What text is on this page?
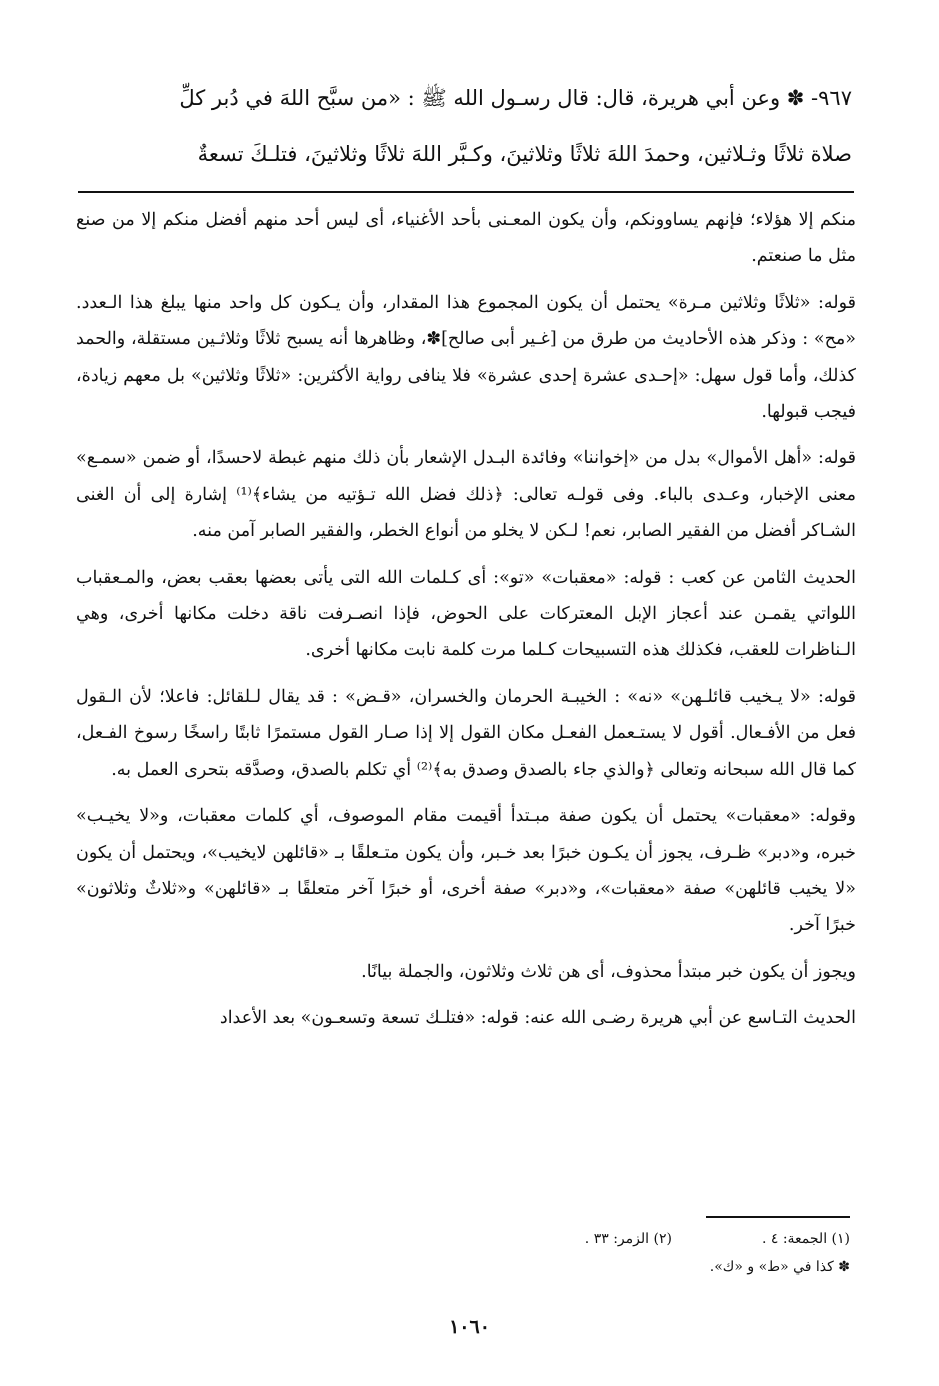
٩٦٧- ✽ وعن أبي هريرة، قال: قال رسـول الله ﷺ : «من سبَّح اللهَ في دُبر كلِّ

صلاة ثلاثًا وثـلاثين، وحمدَ اللهَ ثلاثًا وثلاثينَ، وكـبَّر اللهَ ثلاثًا وثلاثينَ، فتلـكَ تسعةٌ

منكم إلا هؤلاء؛ فإنهم يساوونكم، وأن يكون المعـنى بأحد الأغنياء، أى ليس أحد منهم أفضل منكم إلا من صنع مثل ما صنعتم.

قوله: «ثلاثًا وثلاثين مـرة» يحتمل أن يكون المجموع هذا المقدار، وأن يـكون كل واحد منها يبلغ هذا الـعدد. «مح» : وذكر هذه الأحاديث من طرق من [غـير أبى صالح]✽، وظاهرها أنه يسبح ثلاثًا وثلاثـين مستقلة، والحمد كذلك، وأما قول سهل: «إحـدى عشرة إحدى عشرة» فلا ينافى رواية الأكثرين: «ثلاثًا وثلاثين» بل معهم زيادة، فيجب قبولها.

قوله: «أهل الأموال» بدل من «إخواننا» وفائدة البـدل الإشعار بأن ذلك منهم غبطة لاحسدًا، أو ضمن «سمـع» معنى الإخبار، وعـدى بالباء. وفى قولـه تعالى: ﴿ذلك فضل الله تـؤتيه من يشاء﴾⁽¹⁾ إشارة إلى أن الغنى الشـاكر أفضل من الفقير الصابر، نعم! لـكن لا يخلو من أنواع الخطر، والفقير الصابر آمن منه.

الحديث الثامن عن كعب : قوله: «معقبات» «تو»: أى كـلمات الله التى يأتى بعضها بعقب بعض، والمـعقباب اللواتي يقمـن عند أعجاز الإبل المعتركات على الحوض، فإذا انصـرفت ناقة دخلت مكانها أخرى، وهي الـناظرات للعقب، فكذلك هذه التسبيحات كـلما مرت كلمة نابت مكانها أخرى.

قوله: «لا يـخيب قائلـهن» «نه» : الخيبـة الحرمان والخسران، «قـض» : قد يقال لـلقائل: فاعلا؛ لأن الـقول فعل من الأفـعال. أقول لا يستـعمل الفعـل مكان القول إلا إذا صـار القول مستمرًا ثابتًا راسخًا رسوخ الفـعل، كما قال الله سبحانه وتعالى ﴿والذي جاء بالصدق وصدق به﴾⁽²⁾ أي تكلم بالصدق، وصدَّقه بتحرى العمل به.

وقوله: «معقبات» يحتمل أن يكون صفة مبـتدأ أقيمت مقام الموصوف، أي كلمات معقبات، و«لا يخيـب» خبره، و«دبر» ظـرف، يجوز أن يكـون خبرًا بعد خـبر، وأن يكون متـعلقًا بـ «قائلهن لايخيب»، ويحتمل أن يكون «لا يخيب قائلهن» صفة «معقبات»، و«دبر» صفة أخرى، أو خبرًا آخر متعلقًا بـ «قائلهن» و«ثلاثٌ وثلاثون» خبرًا آخر.

ويجوز أن يكون خبر مبتدأ محذوف، أى هن ثلاث وثلاثون، والجملة بيانًا.

الحديث التـاسع عن أبي هريرة رضـى الله عنه: قوله: «فتلـك تسعة وتسعـون» بعد الأعداد

(١) الجمعة: ٤ .
(٢) الزمر: ٣٣ .
✽ كذا في «ط» و «ك».
١٠٦٠
